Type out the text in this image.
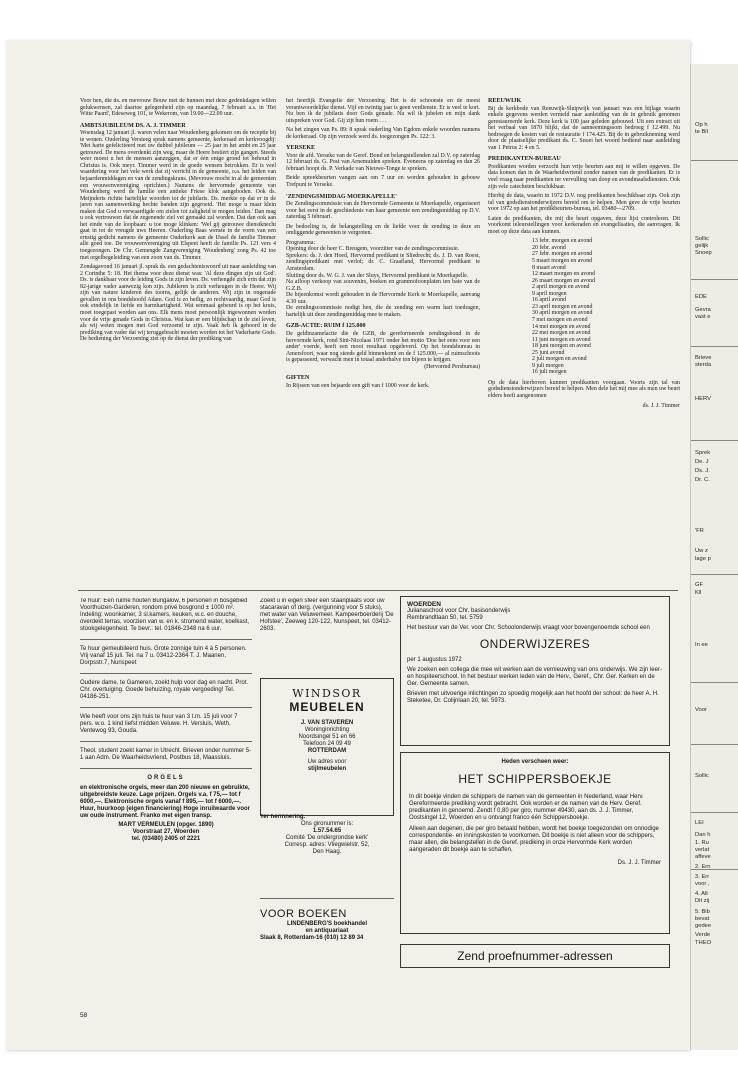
Op h
te Bil
Sollic
gelijk
Snoep
EDE
Gevra
vast e
Brieve
sterda
HERV
Sprek
De. J
Ds. J.
Dr. C.
'FR
Uw z
lage p
GF
Kll
In ee
Voor
Sollic
LEI
Dan h
1. Ru
verlat
affeve
2. Ern
3. Err
voor ,
4. Alt
Dit zij
5. Bib
bevat
gedee
Verde
THEO

Voor hen, die ds. en mevrouw Bouw met de hunnen met deze gedenkdagen willen gelukwensen, zal daartoe gelegenheid zijn op maandag, 7 februari a.s. in 'Het Witte Paard', Edeseweg 101, te Wekerom, van 19.00—22.00 uur.

AMBTSJUBILEUM DS. A. J. TIMMER

Woensdag 12 januari jl. waren velen naar Woudenberg gekomen om de receptie bij te wonen. Ouderling Versteeg sprak namens gemeente, kerkeraad en kerkvoogdij: 'Met harte gefeliciteerd met uw dubbel jubileum — 25 jaar in het ambt en 25 jaar getrouwd. De mens overdenkt zijn weg, maar de Heere bestiert zijn gangen. Steeds weer moest u het de mensen aanzeggen, dat er één enige grond tot behoud in Christus is. Ook meyr. Timmer werd in de goede wensen betrokken. Er is veel waardering voor het vele werk dat zij verricht in de gemeente, o.a. het leiden van bejaardenmiddagen en van de zendingskrans. (Mevrouw mocht in al de gemeenten een vrouwenvereniging oprichten.) Namens de hervormde gemeente van Woudenberg werd de familie een antieke Friese klok aangeboden. Ook ds. Meijnderts richtte hartelijke woorden tot de jubilaris. Ds. merkte op dat er in de jaren van samenwerking hechte banden zijn gegroeid. 'Het moge u maar klein maken dat God u verwaardigde om zielen tot zaligheid te mogen leiden.' Dan mag u ook vertrouwen dat de zegenende ziel vet gemaakt zal worden. Dat dan ook aan het einde van de loopbaan: u toe moge klinken: 'Wel gij getrouwe dienstknecht gaat in tot de vreugde uws Heeren. Ouderling Baas wenste in de vorm van een ernstig gedicht namens de gemeente Ouderkerk aan de IJssel de familie Timmer alle goed toe. De vrouwenvereniging uit Elspeet heeft de familie Ps. 121 vers 4 toegezongen. De Chr. Gemengde Zangvereniging 'Woudenberg' zong Ps. 42 toe met orgelbegeleiding van een zoon van ds. Timmer.

Zondagavond 16 januari jl. sprak ds. een gedachteniswoord uit naar aanleiding van 2 Corinthe 5: 18. Het thema voor deze dienst was: 'Al deze dingen zijn uit God'. Ds. is dankbaar voor de leiding Gods in zijn leven. Ds. verhengde zich erin dat zijn 82-jarige vader aanwezig kon zijn. Jubileren is zich verheugen in de Heere. Wij zijn van nature kinderen des toorns, gelijk de anderen. Wij zijn in ongenade gevallen in ons bondshoofd Adam. God is zo heilig, zo rechtvaardig, maar God is ook eindelijk in liefde en barmhartigheid. Wat eenmaal gebeurd is op het kruis, moet toegepast worden aan ons. Elk mens moet persoonlijk ingewonnen worden voor de vrije genade Gods in Christus. Wat kan er een blijdschap in de ziel leven, als wij weten mogen met God verzoend te zijn. Vaak heb ik gehoord in de prediking van vader dat wij teruggebracht moeten worden tot het Vaderharte Gods. De bediening der Verzoening ziet op de dienst der prediking van

het heerlijk Evangelie der Verzoening. Het is de schoonste en de meest verantwoordelijke dienst. Vijf en twintig jaar is geen verdienste. Er is veel te kort. Nu ben ik de jubilaris door Gods genade. Nu wil ik jubelen en mijn dank uitspreken voor God. Gij zijt hun roem . . .

Na het zingen van Ps. 89: 8 sprak ouderling Van Egdom enkele woorden namens de kerkeraad. Op zijn verzoek werd ds. toegezongen Ps. 122: 3.

YERSEKE

Voor de afd. Yerseke van de Geref. Bond en belangstellenden zal D.V. op zaterdag 12 februari ds. G. Post van Arnemuiden spreken. Eveneens op zaterdag en dan 26 februari hoopt ds. P. Verkade van Nieuwe-Tonge te spreken.

Beide spreekbeurten vangen aan om 7 uur en worden gehouden in gebouw Trefpunt te Yerseke.

'ZENDINGSMIDDAG MOERKAPELLE'

De Zendingscommissie van de Hervormde Gemeente te Moerkapelle, organiseert voor het eerst in de geschiedenis van haar gemeente een zendingsmiddag op D.V. zaterdag 5 februari.

De bedoeling is, de belangstelling en de liefde voor de zending in deze en omliggende gemeenten te vergroten.

Programma:
Opening door de heer C. Breugem, voorzitter van de zendingscommissie.
Sprekers: ds. J. den Hoed, Hervormd predikant te Sliedrecht; ds. J. D. van Roest, zendingspredikant met verlof; dr. C. Graafland, Hervormd predikant te Amsterdam.
Sluiting door ds. W. G. J. van der Sluys, Hervormd predikant te Moerkapelle.
Na afloop verkoop van souvenirs, boeken en grammofoonplaten ten bate van de G.Z.B.
De bijeenkomst wordt gehouden in de Hervormde Kerk te Moerkapelle, aanvang 4.30 uur.

De zendingscommissie nodigt hen, die de zending een warm hart toedragen, hartelijk uit deze zendingsmiddag mee te maken.

GZB-ACTIE: RUIM f 125.000
De geldinzamelactie die de GZB, de gereformeerde zendingsbond in de hervormde kerk, rond Sint-Nicolaas 1971 onder het motto 'Doe het eens voor een ander' voerde, heeft een mooi resultaat opgeleverd. Op het bondsbureau in Amersfoort, waar nog steeds geld binnenkomt en de f 125.000,— al ruimschoots is gepasseerd, verwacht men in totaal anderhalve ton bijeen te krijgen.

(Hervormd Persbureau)

GIFTEN

In Rijssen van een bejaarde een gift van f 1000 voor de kerk.

REEUWIJK

Bij de kerkbode van Reeuwijk-Sluipwijk van januari was een bijlage waarin enkele gegevens werden vermeld naar aanleiding van de in gebruik genomen gerestaureerde kerk. Deze kerk is 100 jaar geleden gebouwd. Uit een extract uit het verbaal van 1870 blijkt, dat de aanneemingssom bedroeg f 12.499. Nu bedroegen de kosten van de restauratie f 174.425. Bij de in gebruikneming werd door de plaatselijke predikant ds. C. Snoei het woord bediend naar aanleiding van 1 Petrus 2: 4 en 5.

PREDIKANTEN-BUREAU

Predikanten worden verzocht hun vrije beurten aan mij te willen opgeven. De data komen dan in de Waarheidsvriend zonder namen van de predikanten. Er is veel vraag naar predikanten ter vervulling van doop en avondmaalsdiensten. Ook zijn vele catecheten beschikbaar.

Hierbij de data, waarin in 1972 D.V. nog predikanten beschikbaar zijn. Ook zijn tal van godsdienstonderwijzers bereid om te helpen. Men geve de vrije beurten voor 1972 op aan het predikbeurten-bureau, tel. 03480—2709.

Laten de predikanten, die mij die beurt opgaven, deze lijst controleren. Dit voorkomt teleurstellingen voor kerkeraden en evangelisaties, die aanvragen. Ik moet op deze data aan kunnen.

13 febr. morgen en avond
20 febr. avond
27 febr. morgen en avond
5 maart morgen en avond
8 maart avond
12 maart morgen en avond
26 maart morgen en avond
2 april morgen en avond
9 april morgen
16 april avond
23 april morgen en avond
30 april morgen en avond
7 mei morgen en avond
14 mei morgen en avond
22 mei morgen en avond
11 juni morgen en avond
18 juni morgen en avond
25 juni avond
2 juli morgen en avond
9 juli morgen
16 juli morgen

Op de data hierboven kunnen predikanten voorgaan. Voorts zijn tal van godsdienstonderwijzers bereid te helpen. Men dele het mij mee als men uw beurt elders heeft aangenomen

ds. J. J. Timmer

Te huur: Een ruime houten Bungalow, 6 personen in bosgebied Voorthuizen-Garderen, rondom privé bosgrond ± 1000 m². Indeling: woonkamer, 3 sl.kamers, keuken, w.c. en douche, overdekt terras, voorzien van w. en k. stromend water, koelkast, stookgelegenheid. Te bevr.: tel. 01846-2348 na 6 uur.

Te huur gemeubileerd huis. Grote zonnige tuin 4 à 5 personen. Vrij vanaf 15 juli. Tel. na 7 u. 03412-2364 T. J. Maanen, Dorpsstr.7, Nunspeet

Oudere dame, te Gameren, zoekt hulp voor dag en nacht. Prot. Chr. overtuiging. Goede behuizing, royale vergoeding! Tel. 04186-251.

Wie heeft voor ons zijn huis te huur van 3 t.m. 15 juli voor 7 pers. w.o. 1 kind liefst midden Veluwe. H. Versluis, Weth. Ventewog 93, Gouda.

Theol. student zoekt kamer in Utrecht. Brieven onder nummer 5-1 aan Adm. De Waarheidsvriend, Postbus 18, Maassluis.

ORGELS

en elektronische orgels, meer dan 200 nieuwe en gebruikte, uitgebreidste keuze. Lage prijzen. Orgels v.a. f 75,— tot f 6000,—. Elektronische orgels vanaf f 895,— tot f 6000,—. Huur, huurkoop (eigen financiering) Hoge inruilwaarde voor uw oude instrument. Franko met eigen transp.

MART VERMEULEN (opger. 1890)
Voorstraat 27, Woerden
tel. (03480) 2405 of 2221

Zoekt u in eigen sfeer een staanplaats voor uw stacaravan of derg. (vergunning voor 5 stuks), met water van Veluwemeer. Kampeerboerderij 'De Hofstee', Zeeweg 120-122, Nunspeet, tel. 03412-2603.

WINDSOR
MEUBELEN
J. VAN STAVEREN
Woninginrichting
Noordsingel 51 en 66
Telefoon 24 09 49
ROTTERDAM
Uw adres voor
stijlmeubelen
Ter herinnering.
Ons gironummer is:
1.57.54.65
Comité 'De ondergrondse kerk'
Corresp. adres: Vliegwielstr. 52,
Den Haag.
VOOR BOEKEN
LINDENBERG'S boekhandel
en antiquariaat
Slaak 8, Rotterdam-16 (010) 12 89 34
WOERDEN
Julianaschool voor Chr. basisonderwijs
Rembrandtlaan 50, tel. 5759
Het bestuur van de Ver. voor Chr. Schoolonderwijs vraagt voor bovengenoemde school een
ONDERWIJZERES
per 1 augustus 1972
We zoeken een collega die mee wil werken aan de vernieuwing van ons onderwijs. We zijn leer- en hospiteerschool. In het bestuur werken leden van de Herv., Geref., Chr. Ger. Kerken en de Ger. Gemeente samen.
Brieven met uitvoerige inlichtingen zo spoedig mogelijk aan het hoofd der school: de heer A. H. Steketee, Dr. Colijnlaan 20, tel. 5973.
Heden verscheen weer:
HET SCHIPPERSBOEKJE

In dit boekje vinden de schippers de namen van de gemeenten in Nederland, waar Herv. Gereformeerde prediking wordt gebracht. Ook worden er de namen van de Herv. Geref. predikanten in genoemd. Zendt f 0,80 per giro, nummer 49430, aan ds. J. J. Timmer, Oostsingel 12, Woerden en u ontvangt franco één Schippersboekje.

Alleen aan degenen, die per giro betaald hebben, wordt het boekje toegezonden om onnodige correspondentie- en inningskosten te voorkomen. Dit boekje is niet alleen voor de schippers, maar allen, die belangstellen in de Geref. prediking in onze Hervormde Kerk worden aangeraden dit boekje aan te schaffen.

Ds. J. J. Timmer
Zend proefnummer-adressen
58
